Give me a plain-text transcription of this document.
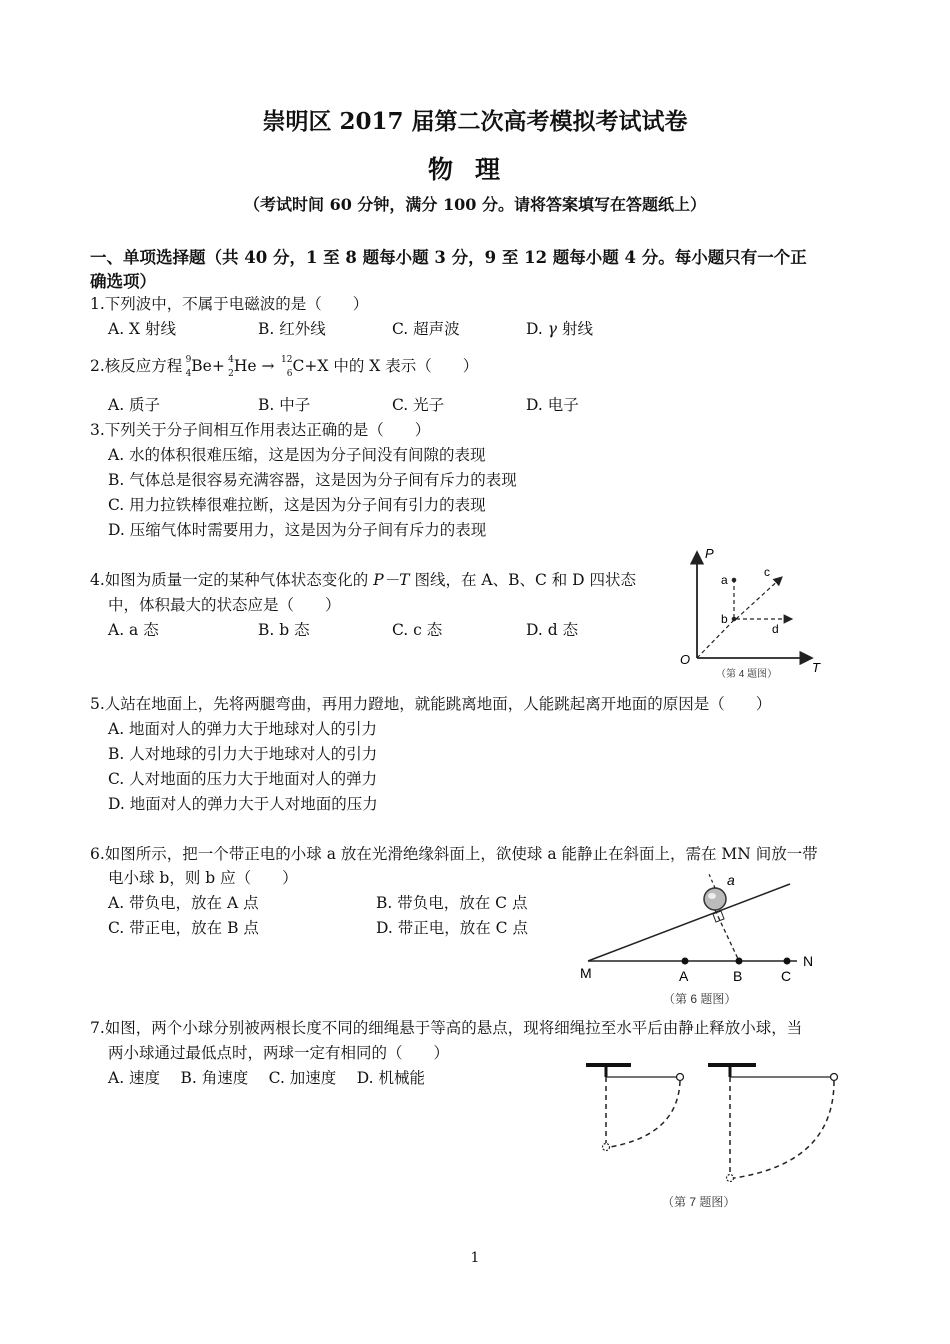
崇明区 2017 届第二次高考模拟考试试卷
物理
（考试时间 60 分钟，满分 100 分。请将答案填写在答题纸上）
一、单项选择题（共 40 分，1 至 8 题每小题 3 分，9 至 12 题每小题 4 分。每小题只有一个正
确选项）
1.下列波中，不属于电磁波的是（　　）
A. X 射线	B. 红外线	C. 超声波	D. γ 射线
2.核反应方程 9
4 Be+ 4
2 He → 12
6 C+X 中的 X 表示（　　）
A. 质子	B. 中子	C. 光子	D. 电子
3.下列关于分子间相互作用表达正确的是（　　）
A. 水的体积很难压缩，这是因为分子间没有间隙的表现
B. 气体总是很容易充满容器，这是因为分子间有斥力的表现
C. 用力拉铁棒很难拉断，这是因为分子间有引力的表现
D. 压缩气体时需要用力，这是因为分子间有斥力的表现
4.如图为质量一定的某种气体状态变化的 P－T 图线，在 A、B、C 和 D 四状态
中，体积最大的状态应是（　　）
A. a 态	B. b 态	C. c 态	D. d 态
P
T
O
a
b
c
d
（第 4 题图）
5.人站在地面上，先将两腿弯曲，再用力蹬地，就能跳离地面，人能跳起离开地面的原因是（　　）
A. 地面对人的弹力大于地球对人的引力
B. 人对地球的引力大于地球对人的引力
C. 人对地面的压力大于地面对人的弹力
D. 地面对人的弹力大于人对地面的压力
6.如图所示，把一个带正电的小球 a 放在光滑绝缘斜面上，欲使球 a 能静止在斜面上，需在 MN 间放一带
电小球 b，则 b 应（　　）
A. 带负电，放在 A 点	B. 带负电，放在 C 点
C. 带正电，放在 B 点	D. 带正电，放在 C 点
a
M
N
A	B	C
（第 6 题图）
7.如图，两个小球分别被两根长度不同的细绳悬于等高的悬点，现将细绳拉至水平后由静止释放小球，当
两小球通过最低点时，两球一定有相同的（　　）
A. 速度　 B. 角速度　 C. 加速度　 D. 机械能
（第 7 题图）
1
